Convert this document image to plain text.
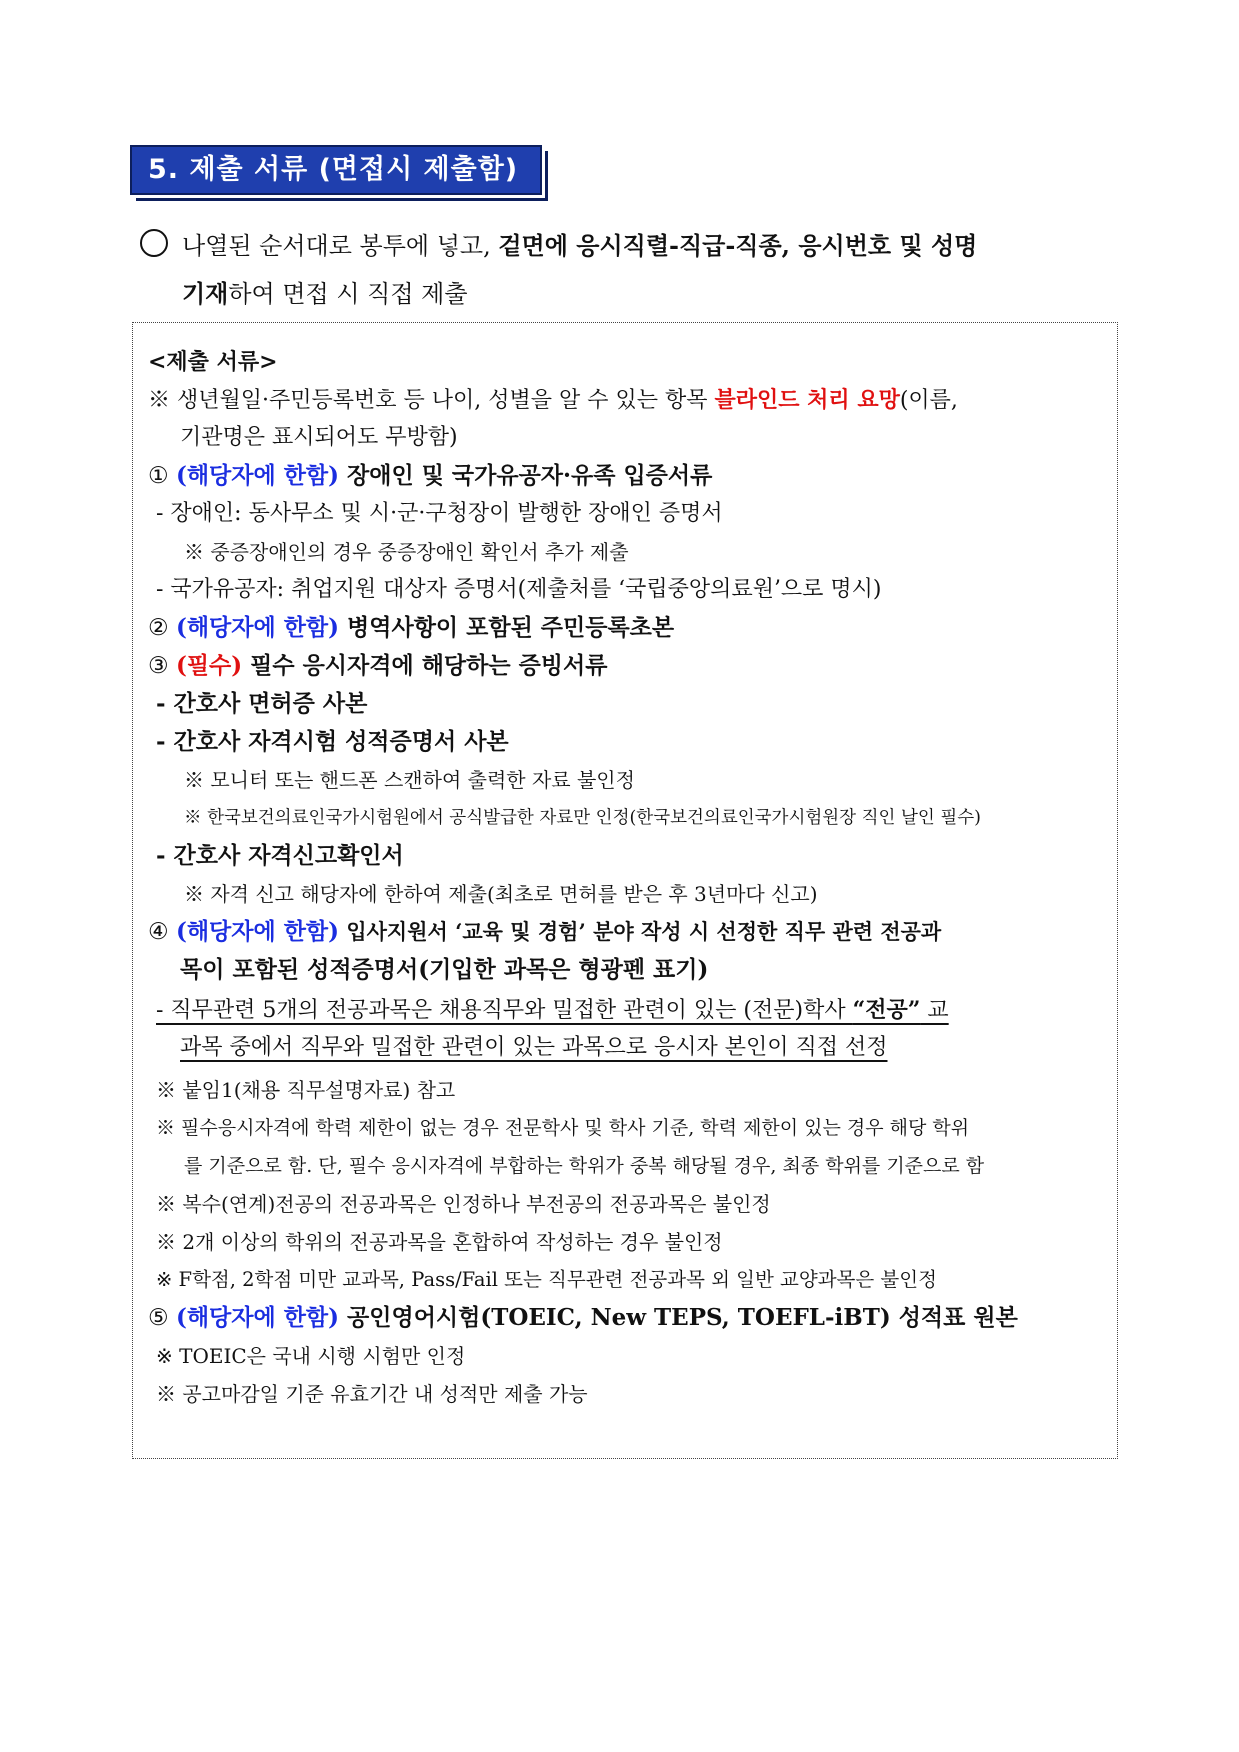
5. 제출 서류 (면접시 제출함)
나열된 순서대로 봉투에 넣고, 겉면에 응시직렬-직급-직종, 응시번호 및 성명
기재하여 면접 시 직접 제출
<제출 서류>
※ 생년월일·주민등록번호 등 나이, 성별을 알 수 있는 항목 블라인드 처리 요망(이름,
기관명은 표시되어도 무방함)
① (해당자에 한함) 장애인 및 국가유공자·유족 입증서류
- 장애인: 동사무소 및 시·군·구청장이 발행한 장애인 증명서
※ 중증장애인의 경우 중증장애인 확인서 추가 제출
- 국가유공자: 취업지원 대상자 증명서(제출처를 ‘국립중앙의료원’으로 명시)
② (해당자에 한함) 병역사항이 포함된 주민등록초본
③ (필수) 필수 응시자격에 해당하는 증빙서류
- 간호사 면허증 사본
- 간호사 자격시험 성적증명서 사본
※ 모니터 또는 핸드폰 스캔하여 출력한 자료 불인정
※ 한국보건의료인국가시험원에서 공식발급한 자료만 인정(한국보건의료인국가시험원장 직인 날인 필수)
- 간호사 자격신고확인서
※ 자격 신고 해당자에 한하여 제출(최초로 면허를 받은 후 3년마다 신고)
④ (해당자에 한함) 입사지원서 ‘교육 및 경험’ 분야 작성 시 선정한 직무 관련 전공과
목이 포함된 성적증명서(기입한 과목은 형광펜 표기)
- 직무관련 5개의 전공과목은 채용직무와 밀접한 관련이 있는 (전문)학사 “전공” 교
과목 중에서 직무와 밀접한 관련이 있는 과목으로 응시자 본인이 직접 선정
※ 붙임1(채용 직무설명자료) 참고
※ 필수응시자격에 학력 제한이 없는 경우 전문학사 및 학사 기준, 학력 제한이 있는 경우 해당 학위
를 기준으로 함. 단, 필수 응시자격에 부합하는 학위가 중복 해당될 경우, 최종 학위를 기준으로 함
※ 복수(연계)전공의 전공과목은 인정하나 부전공의 전공과목은 불인정
※ 2개 이상의 학위의 전공과목을 혼합하여 작성하는 경우 불인정
※ F학점, 2학점 미만 교과목, Pass/Fail 또는 직무관련 전공과목 외 일반 교양과목은 불인정
⑤ (해당자에 한함) 공인영어시험(TOEIC, New TEPS, TOEFL-iBT) 성적표 원본
※ TOEIC은 국내 시행 시험만 인정
※ 공고마감일 기준 유효기간 내 성적만 제출 가능
